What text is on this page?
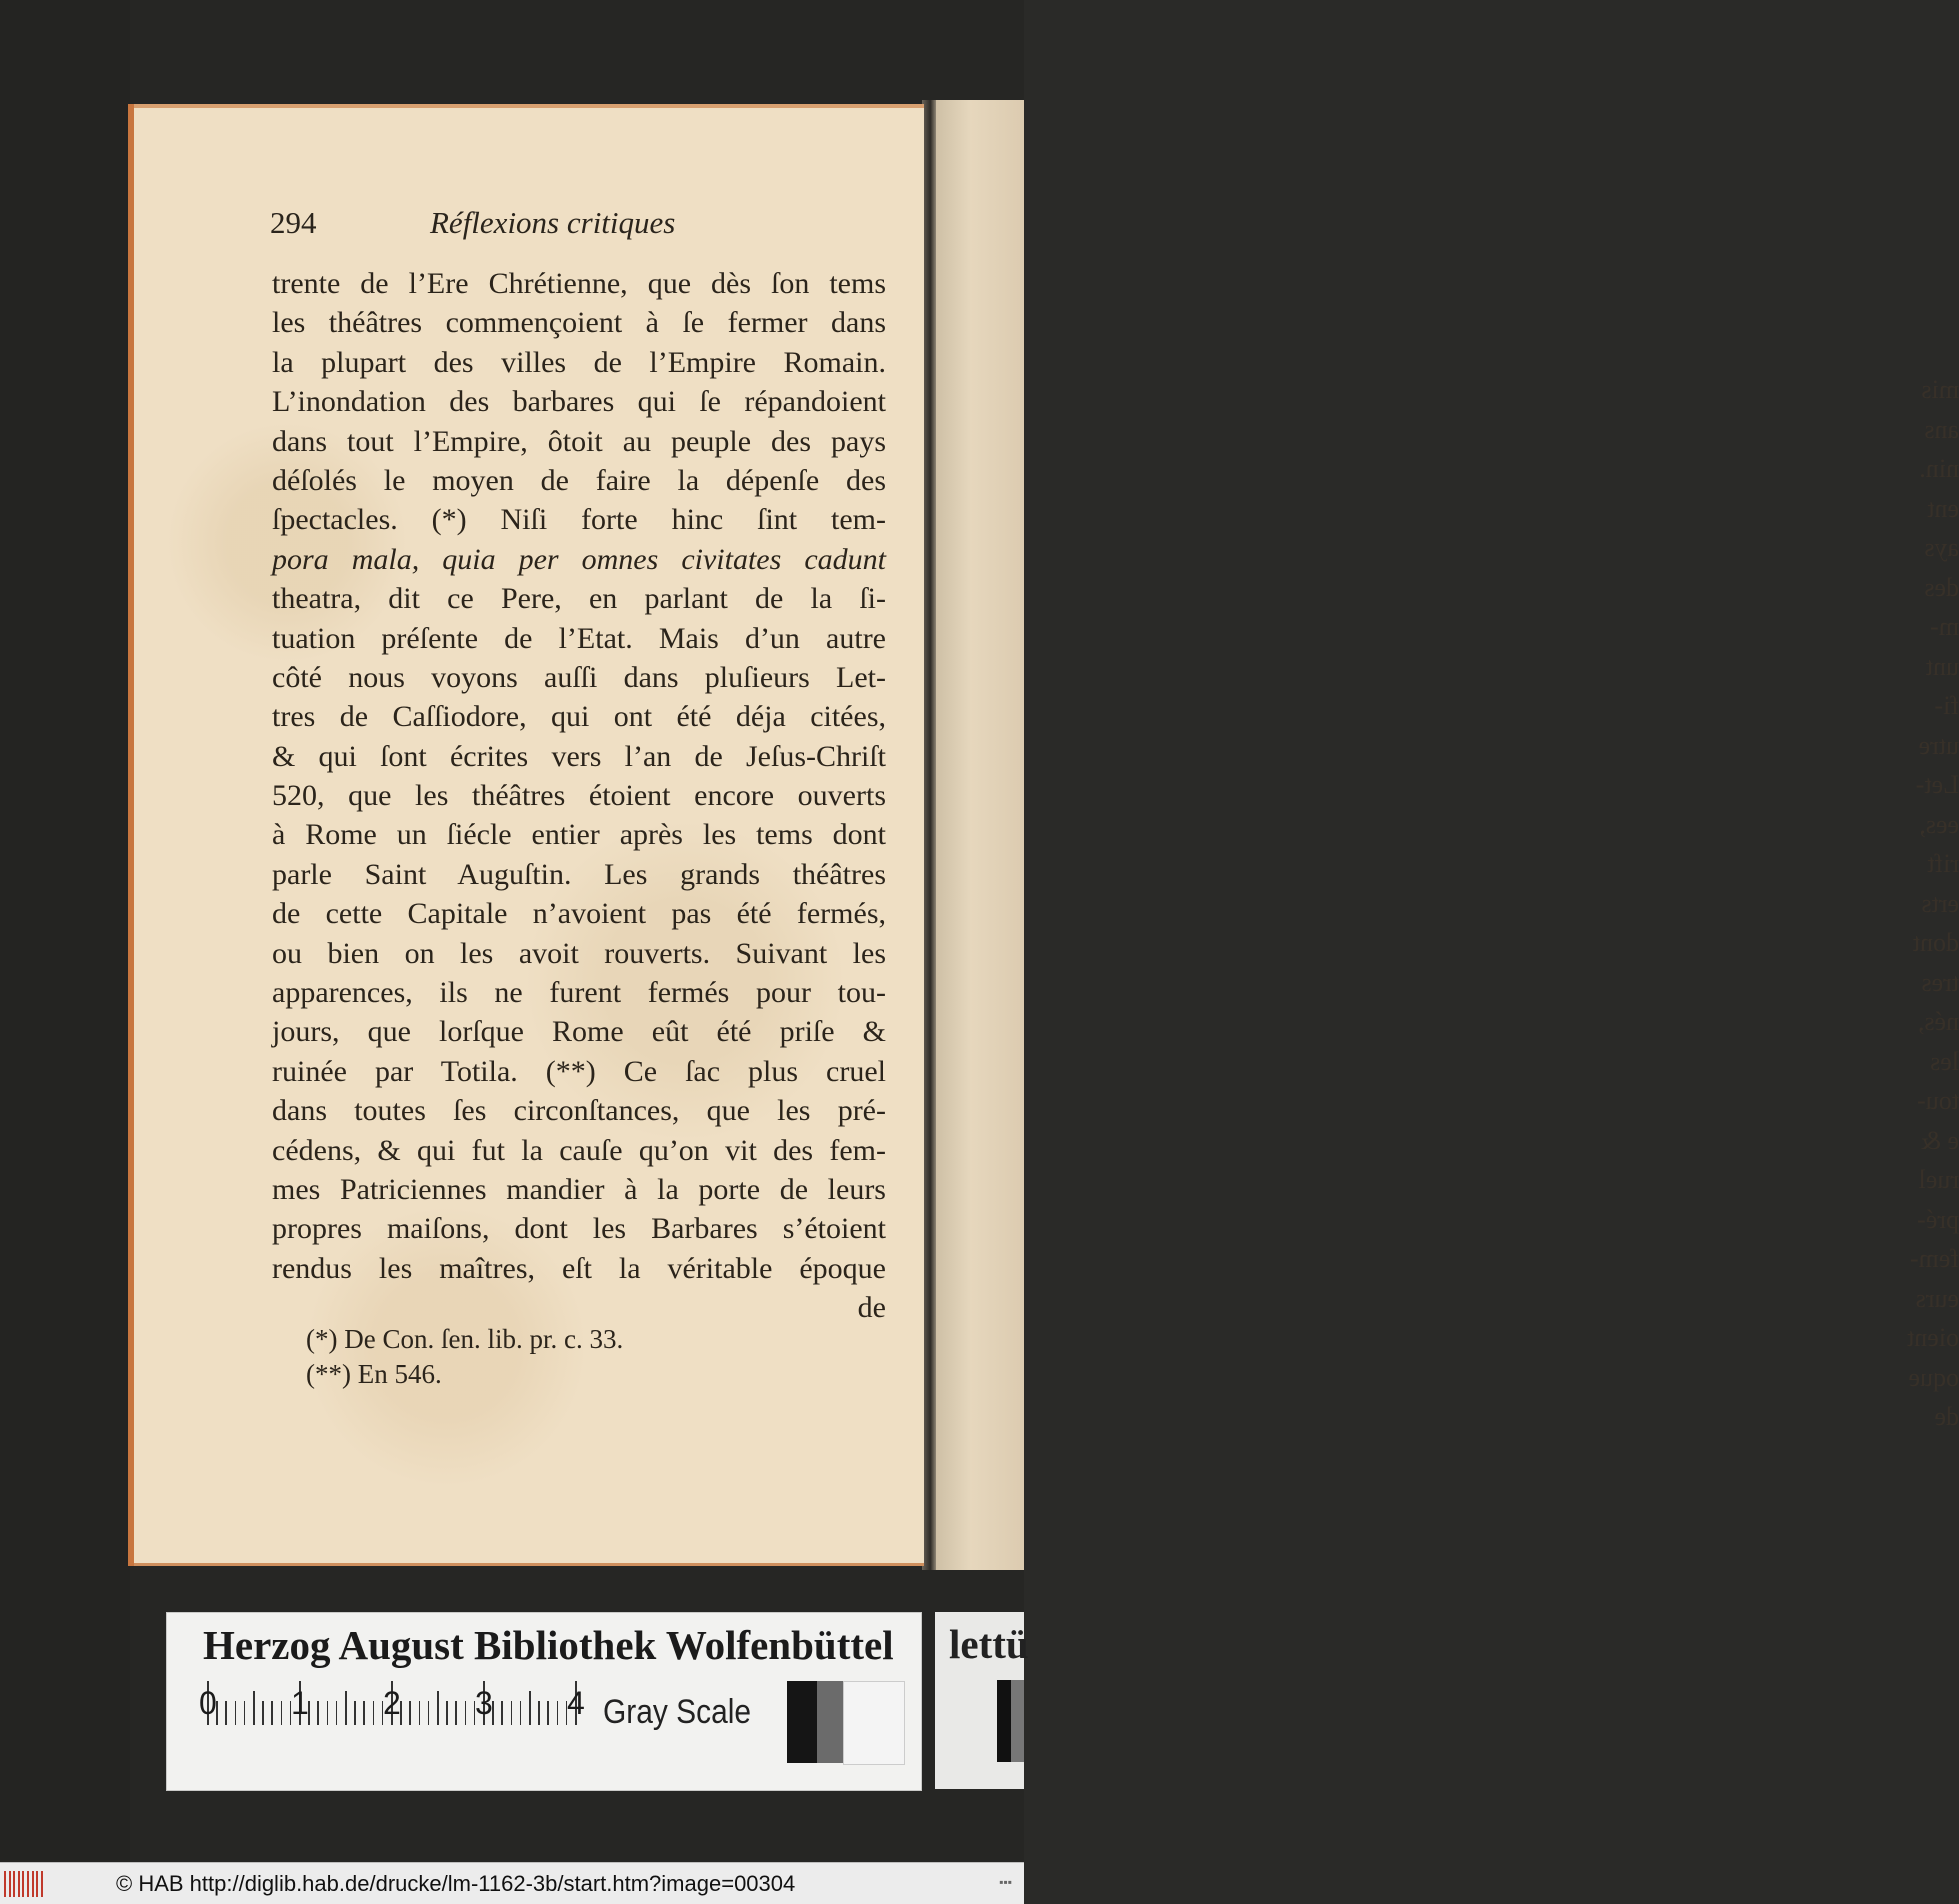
mis
ans
nin.
ent
ays
des
m-
unt
fi-
utre
Let-
ees,
rift
erts
dont
tres
nés,
les
tou-
e &
ruel
pré-
fem-
eurs
oient
oque
de
294	Réflexions critiques
trente de l’Ere Chrétienne, que dès ſon tems
les théâtres commençoient à ſe fermer dans
la plupart des villes de l’Empire Romain.
L’inondation des barbares qui ſe répandoient
dans tout l’Empire, ôtoit au peuple des pays
déſolés le moyen de faire la dépenſe des
ſpectacles. (*) Niſi forte hinc ſint tem-
pora mala, quia per omnes civitates cadunt
theatra, dit ce Pere, en parlant de la ſi-
tuation préſente de l’Etat. Mais d’un autre
côté nous voyons auſſi dans pluſieurs Let-
tres de Caſſiodore, qui ont été déja citées,
& qui ſont écrites vers l’an de Jeſus-Chriſt
520, que les théâtres étoient encore ouverts
à Rome un ſiécle entier après les tems dont
parle Saint Auguſtin. Les grands théâtres
de cette Capitale n’avoient pas été fermés,
ou bien on les avoit rouverts. Suivant les
apparences, ils ne furent fermés pour tou-
jours, que lorſque Rome eût été priſe &
ruinée par Totila. (**) Ce ſac plus cruel
dans toutes ſes circonſtances, que les pré-
cédens, & qui fut la cauſe qu’on vit des fem-
mes Patriciennes mandier à la porte de leurs
propres maiſons, dont les Barbares s’étoient
rendus les maîtres, eſt la véritable époque
de
(*) De Con. ſen. lib. pr. c. 33.
(**) En 546.
Herzog August Bibliothek Wolfenbüttel
0 1 2 3 4 Gray Scale
lettü
© HAB http://diglib.hab.de/drucke/lm-1162-3b/start.htm?image=00304	▪▪▪
